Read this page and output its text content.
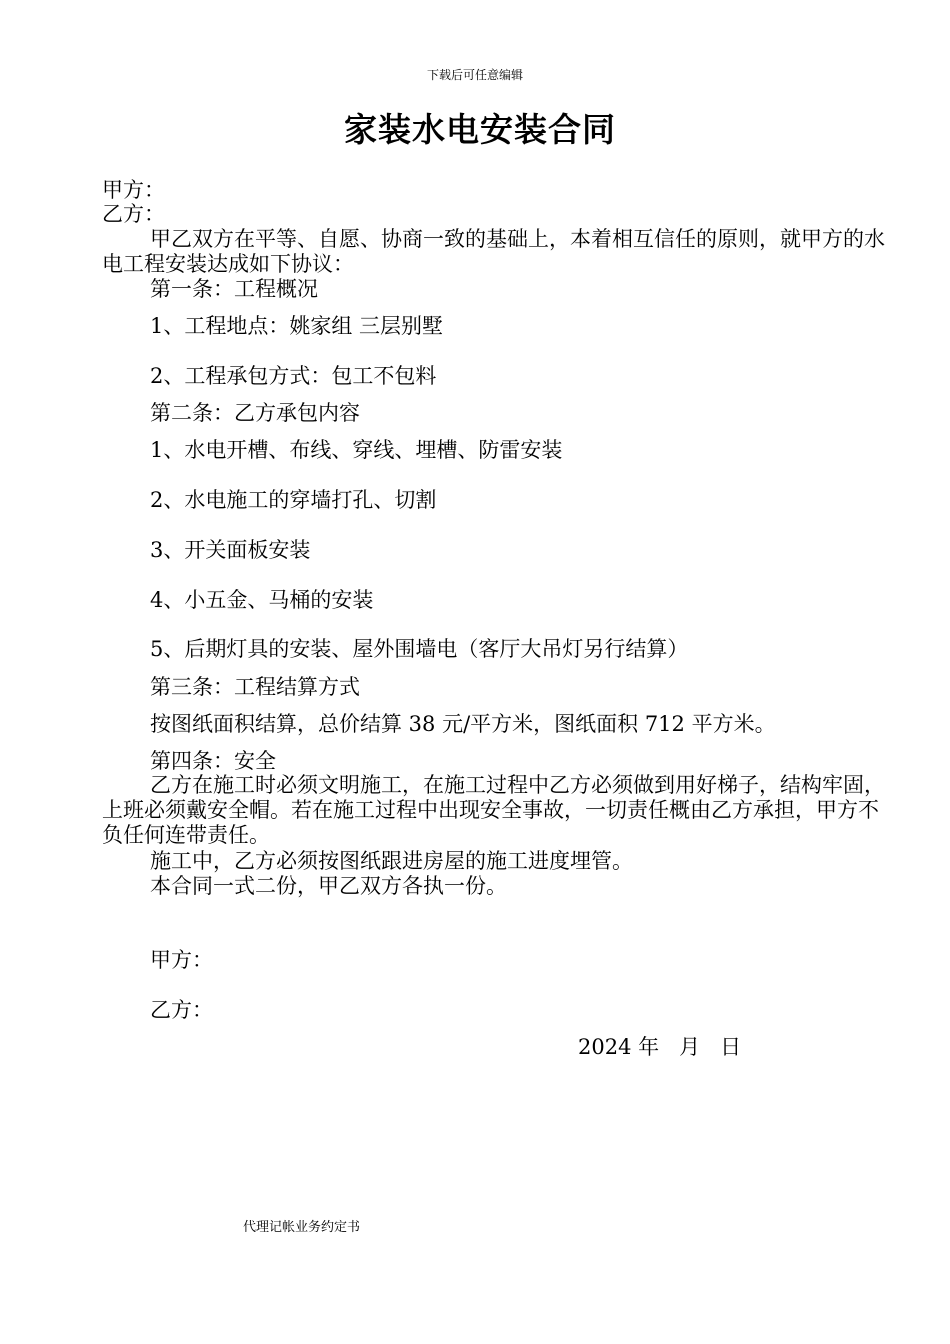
下载后可任意编辑
家装水电安装合同
甲方：
乙方：
甲乙双方在平等、自愿、协商一致的基础上，本着相互信任的原则，就甲方的水电工程安装达成如下协议：
第一条：工程概况
1、工程地点：姚家组 三层别墅
2、工程承包方式：包工不包料
第二条：乙方承包内容
1、水电开槽、布线、穿线、埋槽、防雷安装
2、水电施工的穿墙打孔、切割
3、开关面板安装
4、小五金、马桶的安装
5、后期灯具的安装、屋外围墙电（客厅大吊灯另行结算）
第三条：工程结算方式
按图纸面积结算，总价结算 38 元/平方米，图纸面积 712 平方米。
第四条：安全
乙方在施工时必须文明施工，在施工过程中乙方必须做到用好梯子，结构牢固，上班必须戴安全帽。若在施工过程中出现安全事故，一切责任概由乙方承担，甲方不负任何连带责任。
施工中，乙方必须按图纸跟进房屋的施工进度埋管。
本合同一式二份，甲乙双方各执一份。
甲方：
乙方：
2024 年   月   日
代理记帐业务约定书
